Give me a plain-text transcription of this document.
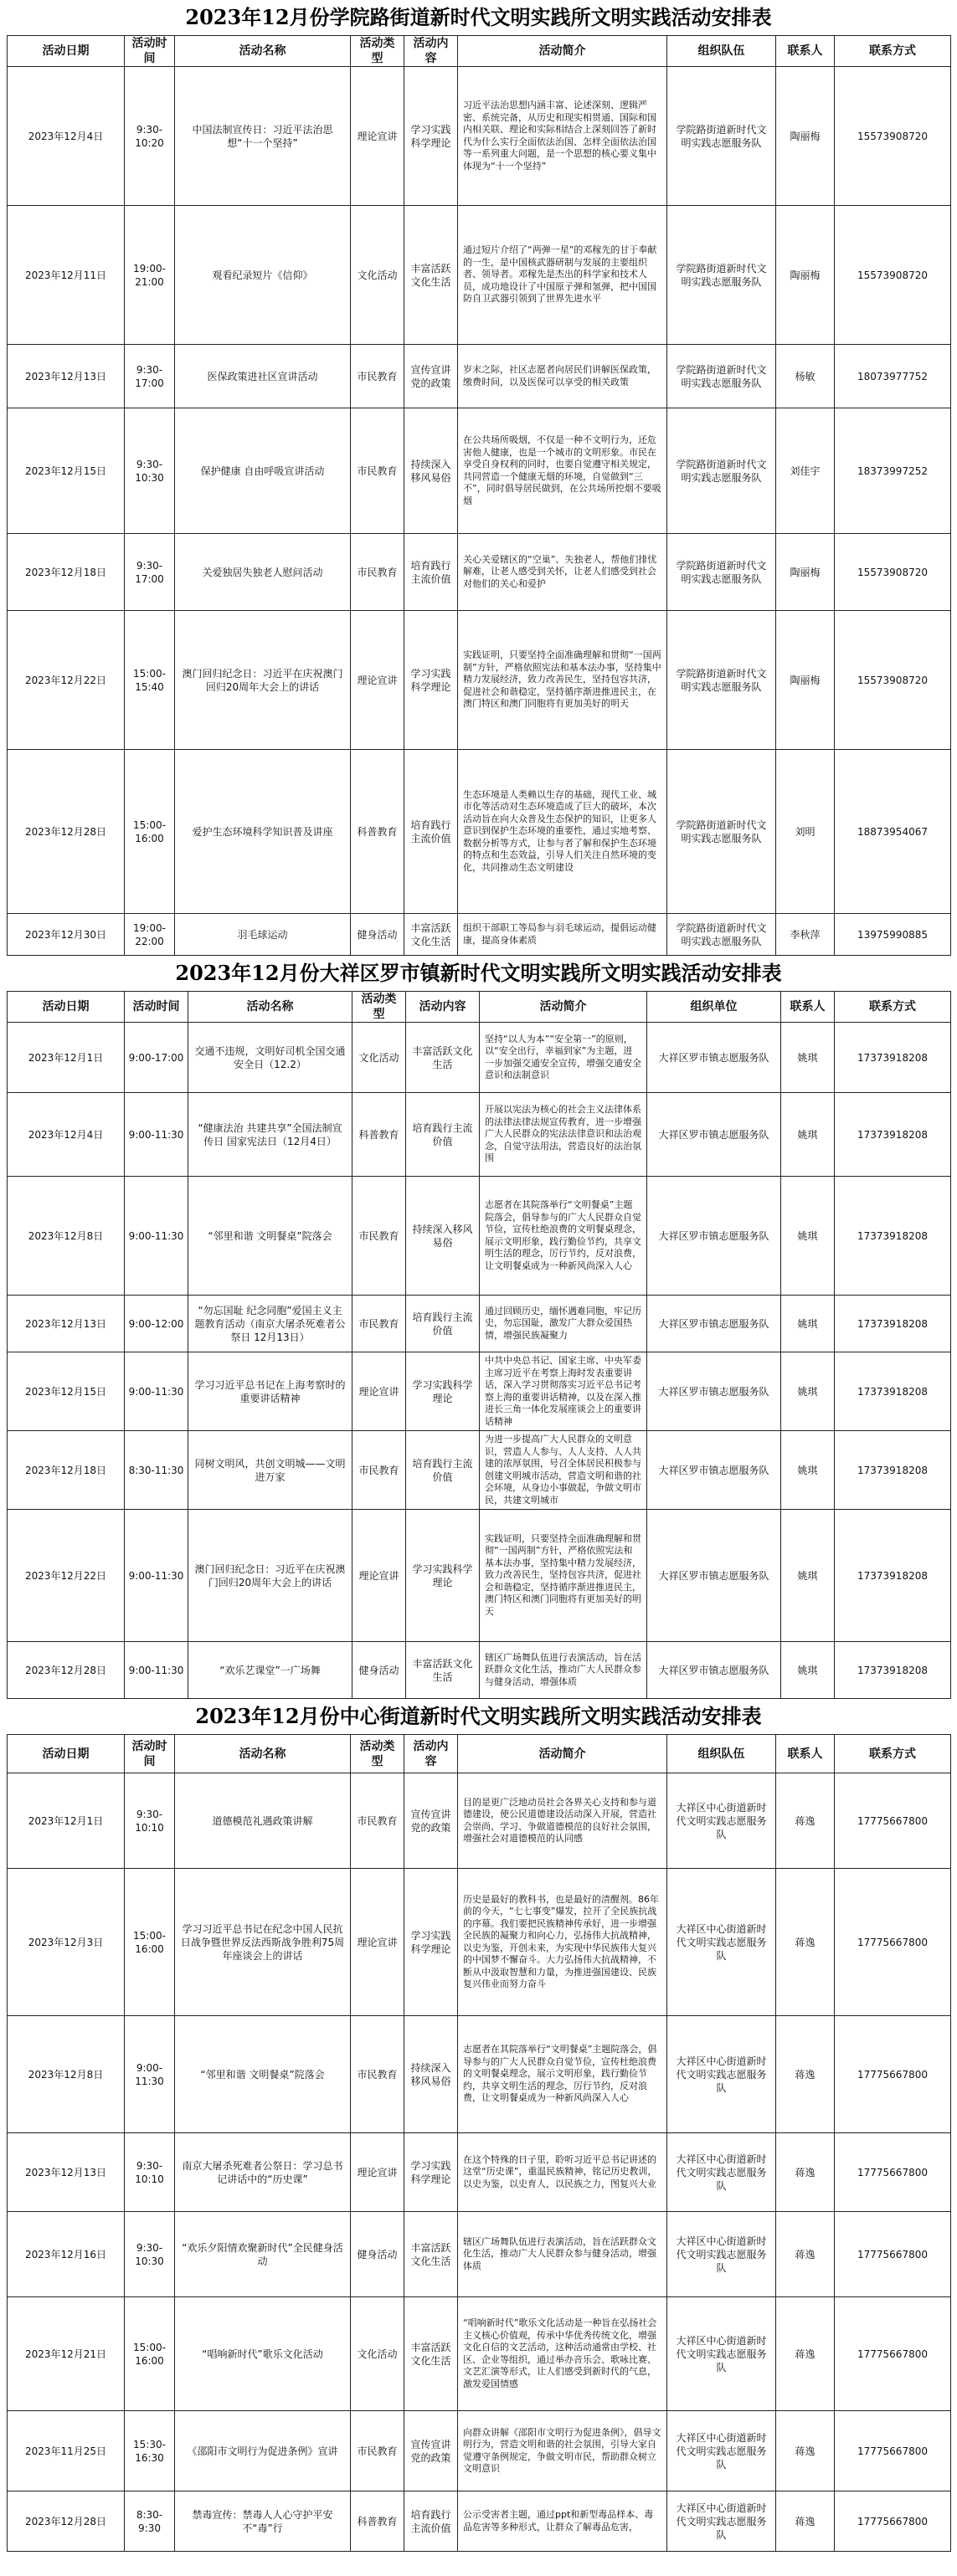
2023年12月份学院路街道新时代文明实践所文明实践活动安排表
活动日期	活动时间	活动名称	活动类型	活动内容	活动简介	组织队伍	联系人	联系方式
2023年12月4日	9:30-10:20	中国法制宣传日：习近平法治思想“十一个坚持”	理论宣讲	学习实践科学理论	习近平法治思想内涵丰富、论述深刻、逻辑严密、系统完备，从历史和现实相贯通、国际和国内相关联、理论和实际相结合上深刻回答了新时代为什么实行全面依法治国、怎样全面依法治国等一系列重大问题，是一个思想的核心要义集中体现为“十一个坚持”	学院路街道新时代文明实践志愿服务队	陶丽梅	15573908720
2023年12月11日	19:00-21:00	观看纪录短片《信仰》	文化活动	丰富活跃文化生活	通过短片介绍了“两弹一星”的邓稼先的甘于奉献的一生，是中国核武器研制与发展的主要组织者、领导者。邓稼先是杰出的科学家和技术人员，成功地设计了中国原子弹和氢弹，把中国国防自卫武器引领到了世界先进水平	学院路街道新时代文明实践志愿服务队	陶丽梅	15573908720
2023年12月13日	9:30-17:00	医保政策进社区宣讲活动	市民教育	宣传宣讲党的政策	岁末之际，社区志愿者向居民们讲解医保政策，缴费时间，以及医保可以享受的相关政策	学院路街道新时代文明实践志愿服务队	杨敏	18073977752
2023年12月15日	9:30-10:30	保护健康 自由呼吸宣讲活动	市民教育	持续深入移风易俗	在公共场所吸烟，不仅是一种不文明行为，还危害他人健康，也是一个城市的文明形象。市民在享受自身权利的同时，也要自觉遵守相关规定，共同营造一个健康无烟的环境，自觉做到“三不”，同时倡导居民做到，在公共场所控烟不要吸烟	学院路街道新时代文明实践志愿服务队	刘佳宇	18373997252
2023年12月18日	9:30-17:00	关爱独居失独老人慰问活动	市民教育	培育践行主流价值	关心关爱辖区的“空巢”、失独老人，帮他们排忧解难，让老人感受到关怀，让老人们感受到社会对他们的关心和爱护	学院路街道新时代文明实践志愿服务队	陶丽梅	15573908720
2023年12月22日	15:00-15:40	澳门回归纪念日：习近平在庆祝澳门回归20周年大会上的讲话	理论宣讲	学习实践科学理论	实践证明，只要坚持全面准确理解和贯彻“一国两制”方针，严格依照宪法和基本法办事，坚持集中精力发展经济，致力改善民生，坚持包容共济，促进社会和谐稳定，坚持循序渐进推进民主，在澳门特区和澳门同胞将有更加美好的明天	学院路街道新时代文明实践志愿服务队	陶丽梅	15573908720
2023年12月28日	15:00-16:00	爱护生态环境科学知识普及讲座	科普教育	培育践行主流价值	生态环境是人类赖以生存的基础，现代工业、城市化等活动对生态环境造成了巨大的破坏，本次活动旨在向大众普及生态保护的知识，让更多人意识到保护生态环境的重要性，通过实地考察、数据分析等方式，让参与者了解和保护生态环境的特点和生态效益，引导人们关注自然环境的变化，共同推动生态文明建设	学院路街道新时代文明实践志愿服务队	刘明	18873954067
2023年12月30日	19:00-22:00	羽毛球运动	健身活动	丰富活跃文化生活	组织干部职工等局参与羽毛球运动，提倡运动健康，提高身体素质	学院路街道新时代文明实践志愿服务队	李秋萍	13975990885
2023年12月份大祥区罗市镇新时代文明实践所文明实践活动安排表
活动日期	活动时间	活动名称	活动类型	活动内容	活动简介	组织单位	联系人	联系方式
2023年12月1日	9:00-17:00	交通不违规，文明好司机全国交通安全日（12.2）	文化活动	丰富活跃文化生活	坚持“以人为本”“安全第一”的原则，以“安全出行，幸福到家”为主题，进一步加强交通安全宣传，增强交通安全意识和法制意识	大祥区罗市镇志愿服务队	姚琪	17373918208
2023年12月4日	9:00-11:30	“健康法治 共建共享”全国法制宣传日 国家宪法日（12月4日）	科普教育	培育践行主流价值	开展以宪法为核心的社会主义法律体系的法律法律法规宣传教育，进一步增强广大人民群众的宪法法律意识和法治观念，自觉守法用法，营造良好的法治氛围	大祥区罗市镇志愿服务队	姚琪	17373918208
2023年12月8日	9:00-11:30	“邻里和谐 文明餐桌”院落会	市民教育	持续深入移风易俗	志愿者在其院落举行“文明餐桌”主题院落会，倡导参与的广大人民群众自觉节俭，宣传杜绝浪费的文明餐桌理念，展示文明形象，践行勤俭节约，共享文明生活的理念，厉行节约，反对浪费，让文明餐桌成为一种新风尚深入人心	大祥区罗市镇志愿服务队	姚琪	17373918208
2023年12月13日	9:00-12:00	“勿忘国耻 纪念同胞”爱国主义主题教育活动（南京大屠杀死难者公祭日 12月13日）	市民教育	培育践行主流价值	通过回顾历史，缅怀遇难同胞，牢记历史，勿忘国耻，激发广大群众爱国热情，增强民族凝聚力	大祥区罗市镇志愿服务队	姚琪	17373918208
2023年12月15日	9:00-11:30	学习习近平总书记在上海考察时的重要讲话精神	理论宣讲	学习实践科学理论	中共中央总书记、国家主席、中央军委主席习近平在考察上海时发表重要讲话，深入学习贯彻落实习近平总书记考察上海的重要讲话精神，以及在深入推进长三角一体化发展座谈会上的重要讲话精神	大祥区罗市镇志愿服务队	姚琪	17373918208
2023年12月18日	8:30-11:30	同树文明风，共创文明城——文明进万家	市民教育	培育践行主流价值	为进一步提高广大人民群众的文明意识，营造人人参与、人人支持、人人共建的浓厚氛围，号召全体居民积极参与创建文明城市活动，营造文明和谐的社会环境，从身边小事做起，争做文明市民，共建文明城市	大祥区罗市镇志愿服务队	姚琪	17373918208
2023年12月22日	9:00-11:30	澳门回归纪念日：习近平在庆祝澳门回归20周年大会上的讲话	理论宣讲	学习实践科学理论	实践证明，只要坚持全面准确理解和贯彻“一国两制”方针，严格依照宪法和基本法办事，坚持集中精力发展经济，致力改善民生，坚持包容共济，促进社会和谐稳定，坚持循序渐进推进民主，澳门特区和澳门同胞将有更加美好的明天	大祥区罗市镇志愿服务队	姚琪	17373918208
2023年12月28日	9:00-11:30	“欢乐艺课堂”一广场舞	健身活动	丰富活跃文化生活	辖区广场舞队伍进行表演活动，旨在活跃群众文化生活，推动广大人民群众参与健身活动，增强体质	大祥区罗市镇志愿服务队	姚琪	17373918208
2023年12月份中心街道新时代文明实践所文明实践活动安排表
活动日期	活动时间	活动名称	活动类型	活动内容	活动简介	组织队伍	联系人	联系方式
2023年12月1日	9:30-10:10	道德模范礼遇政策讲解	市民教育	宣传宣讲党的政策	目的是更广泛地动员社会各界关心支持和参与道德建设，使公民道德建设活动深入开展，营造社会崇尚、学习、争做道德模范的良好社会氛围，增强社会对道德模范的认同感	大祥区中心街道新时代文明实践志愿服务队	蒋逸	17775667800
2023年12月3日	15:00-16:00	学习习近平总书记在纪念中国人民抗日战争暨世界反法西斯战争胜利75周年座谈会上的讲话	理论宣讲	学习实践科学理论	历史是最好的教科书，也是最好的清醒剂。86年前的今天，“七七事变”爆发，拉开了全民族抗战的序幕。我们要把民族精神传承好，进一步增强全民族的凝聚力和向心力，弘扬伟大抗战精神，以史为鉴，开创未来，为实现中华民族伟大复兴的中国梦不懈奋斗。大力弘扬伟大抗战精神，不断从中汲取智慧和力量，为推进强国建设、民族复兴伟业而努力奋斗	大祥区中心街道新时代文明实践志愿服务队	蒋逸	17775667800
2023年12月8日	9:00-11:30	“邻里和谐 文明餐桌”院落会	市民教育	持续深入移风易俗	志愿者在其院落举行“文明餐桌”主题院落会，倡导参与的广大人民群众自觉节俭，宣传杜绝浪费的文明餐桌理念，展示文明形象，践行勤俭节约，共享文明生活的理念，厉行节约，反对浪费，让文明餐桌成为一种新风尚深入人心	大祥区中心街道新时代文明实践志愿服务队	蒋逸	17775667800
2023年12月13日	9:30-10:10	南京大屠杀死难者公祭日：学习总书记讲话中的“历史课”	理论宣讲	学习实践科学理论	在这个特殊的日子里，聆听习近平总书记讲述的这堂“历史课”，重温民族精神，铭记历史教训，以史为鉴，以史育人，以民族之力，图复兴大业	大祥区中心街道新时代文明实践志愿服务队	蒋逸	17775667800
2023年12月16日	9:30-10:30	“欢乐夕阳情欢聚新时代”全民健身活动	健身活动	丰富活跃文化生活	辖区广场舞队伍进行表演活动，旨在活跃群众文化生活，推动广大人民群众参与健身活动，增强体质	大祥区中心街道新时代文明实践志愿服务队	蒋逸	17775667800
2023年12月21日	15:00-16:00	“唱响新时代”歌乐文化活动	文化活动	丰富活跃文化生活	“唱响新时代”歌乐文化活动是一种旨在弘扬社会主义核心价值观，传承中华优秀传统文化，增强文化自信的文艺活动，这种活动通常由学校、社区、企业等组织，通过举办音乐会、歌咏比赛、文艺汇演等形式，让人们感受到新时代的气息，激发爱国情感	大祥区中心街道新时代文明实践志愿服务队	蒋逸	17775667800
2023年11月25日	15:30-16:30	《邵阳市文明行为促进条例》宣讲	市民教育	宣传宣讲党的政策	向群众讲解《邵阳市文明行为促进条例》，倡导文明行为，营造文明和谐的社会氛围，引导大家自觉遵守条例规定，争做文明市民，帮助群众树立文明意识	大祥区中心街道新时代文明实践志愿服务队	蒋逸	17775667800
2023年12月28日	8:30-9:30	禁毒宣传：禁毒人人心守护平安不“毒”行	科普教育	培育践行主流价值	公示受害者主题，通过ppt和新型毒品样本、毒品危害等多种形式，让群众了解毒品危害，	大祥区中心街道新时代文明实践志愿服务队	蒋逸	17775667800
